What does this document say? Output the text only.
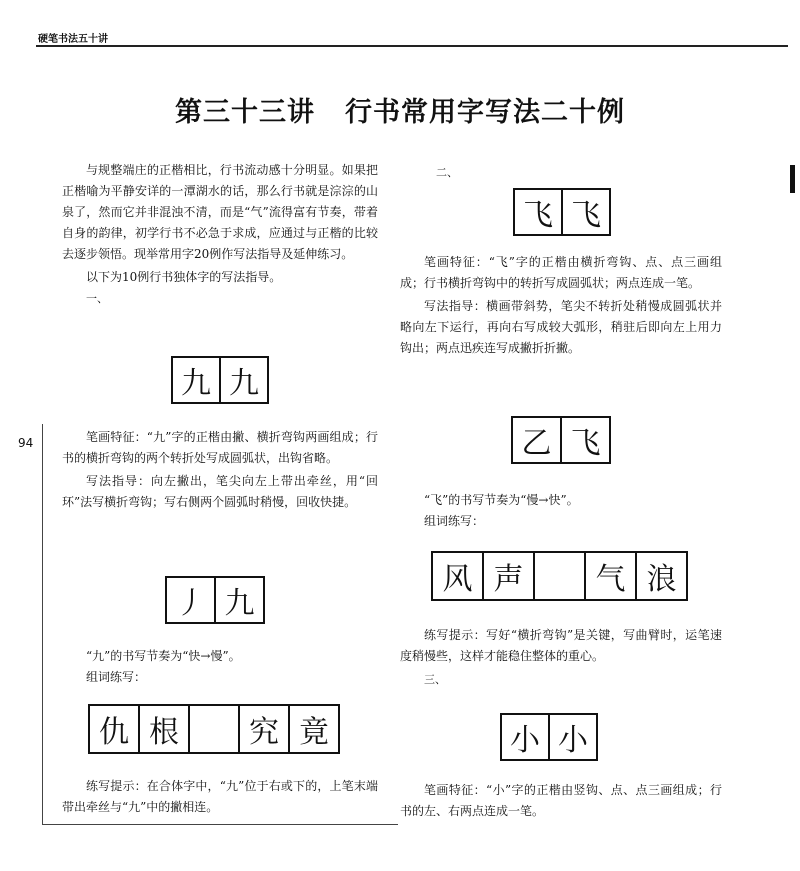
硬笔书法五十讲
第三十三讲 行书常用字写法二十例

与规整端庄的正楷相比，行书流动感十分明显。如果把正楷喻为平静安详的一潭湖水的话，那么行书就是淙淙的山泉了，然而它并非混浊不清，而是“气”流得富有节奏，带着自身的韵律，初学行书不必急于求成，应通过与正楷的比较去逐步领悟。现举常用字20例作写法指导及延伸练习。

以下为10例行书独体字的写法指导。

一、

九 九

笔画特征：“九”字的正楷由撇、横折弯钩两画组成；行书的横折弯钩的两个转折处写成圆弧状，出钩省略。

写法指导：向左撇出，笔尖向左上带出牵丝，用“回环”法写横折弯钩；写右侧两个圆弧时稍慢，回收快捷。

丿 九

“九”的书写节奏为“快→慢”。

组词练写：

仇 根	究 竟

练写提示：在合体字中，“九”位于右或下的，上笔末端带出牵丝与“九”中的撇相连。

二、

飞 飞

笔画特征：“飞”字的正楷由横折弯钩、点、点三画组成；行书横折弯钩中的转折写成圆弧状；两点连成一笔。

写法指导：横画带斜势，笔尖不转折处稍慢成圆弧状并略向左下运行，再向右写成较大弧形，稍驻后即向左上用力钩出；两点迅疾连写成撇折折撇。

乙 飞

“飞”的书写节奏为“慢→快”。

组词练写：

风 声	气 浪

练写提示：写好“横折弯钩”是关键，写曲臂时，运笔速度稍慢些，这样才能稳住整体的重心。

三、

小 小

笔画特征：“小”字的正楷由竖钩、点、点三画组成；行书的左、右两点连成一笔。

94
